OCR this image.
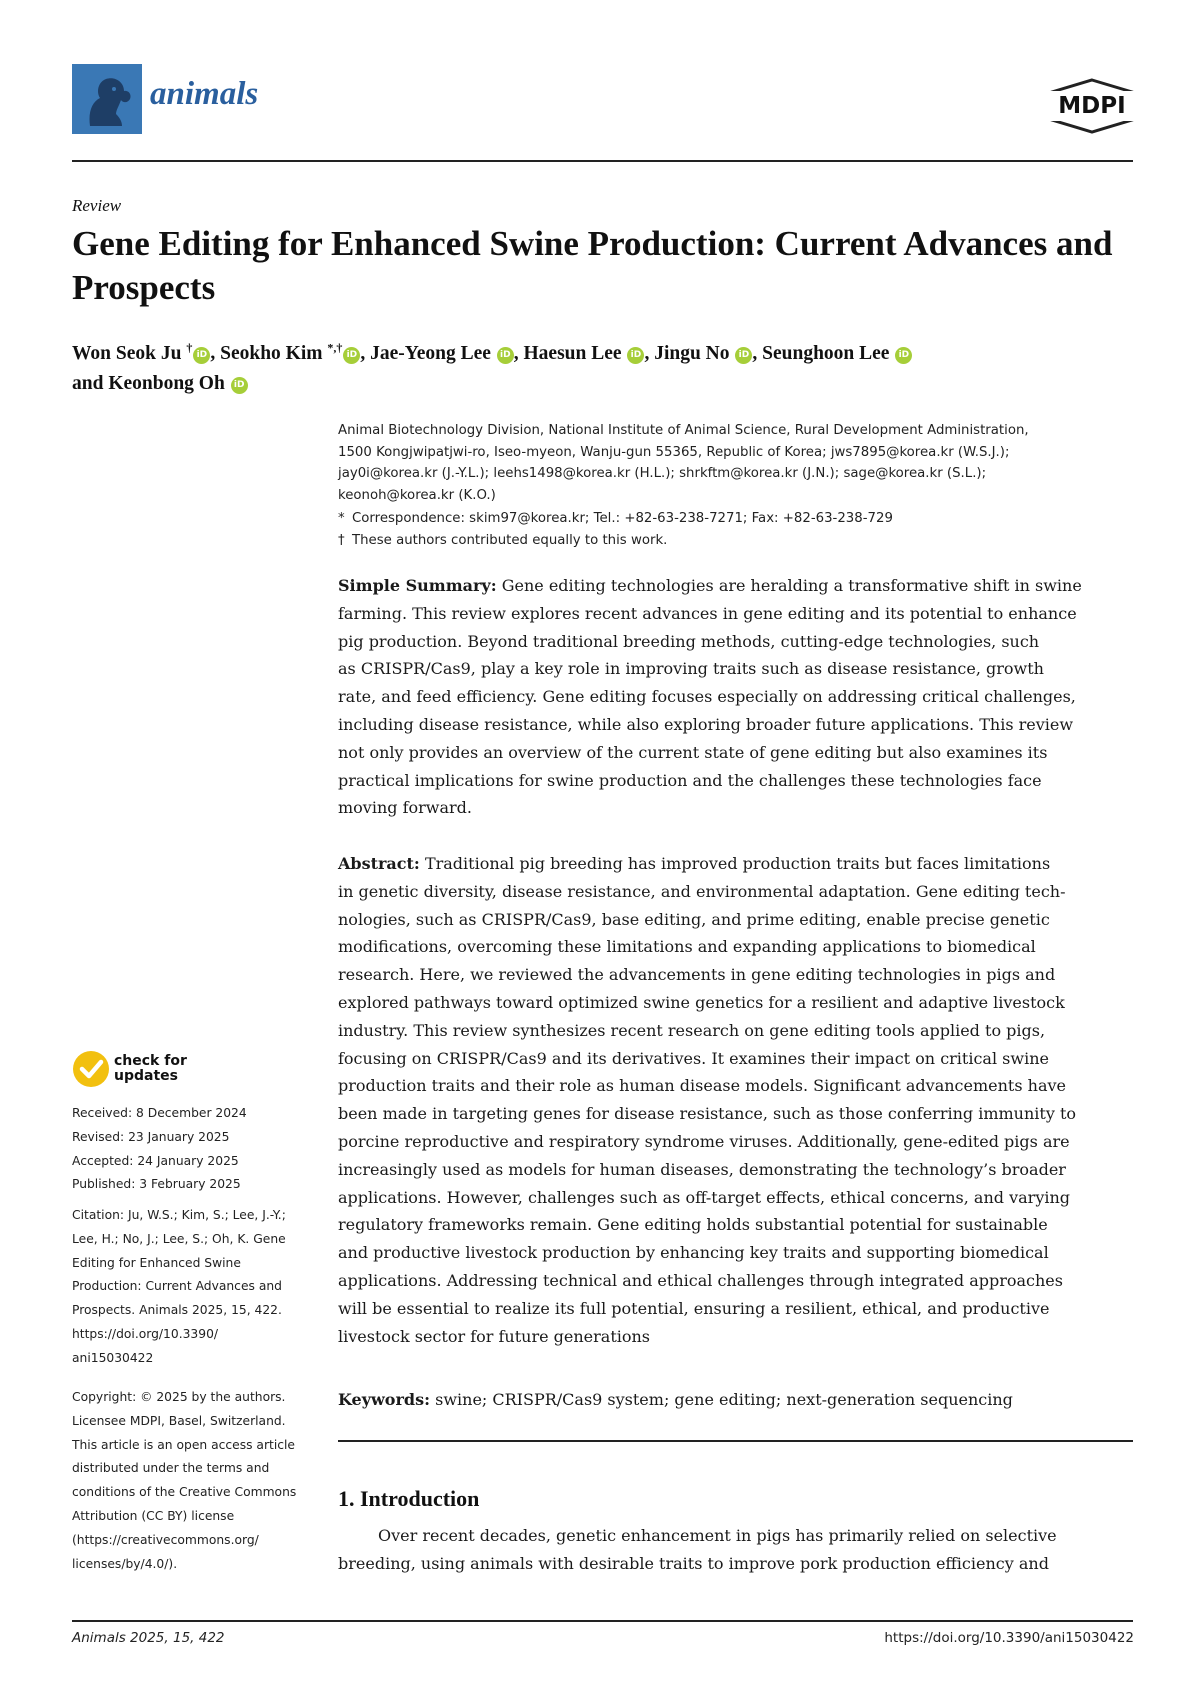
animals	MDPI
Review
Gene Editing for Enhanced Swine Production: Current Advances and Prospects
Won Seok Ju †iD , Seokho Kim *,†iD , Jae-Yeong Lee iD , Haesun Lee iD , Jingu No iD , Seunghoon Lee iD
and Keonbong Oh iD
Animal Biotechnology Division, National Institute of Animal Science, Rural Development Administration,
1500 Kongjwipatjwi-ro, Iseo-myeon, Wanju-gun 55365, Republic of Korea; jws7895@korea.kr (W.S.J.);
jay0i@korea.kr (J.-Y.L.); leehs1498@korea.kr (H.L.); shrkftm@korea.kr (J.N.); sage@korea.kr (S.L.);
keonoh@korea.kr (K.O.)
* Correspondence: skim97@korea.kr; Tel.: +82-63-238-7271; Fax: +82-63-238-729
† These authors contributed equally to this work.
Simple Summary: Gene editing technologies are heralding a transformative shift in swine
farming. This review explores recent advances in gene editing and its potential to enhance
pig production. Beyond traditional breeding methods, cutting-edge technologies, such
as CRISPR/Cas9, play a key role in improving traits such as disease resistance, growth
rate, and feed efficiency. Gene editing focuses especially on addressing critical challenges,
including disease resistance, while also exploring broader future applications. This review
not only provides an overview of the current state of gene editing but also examines its
practical implications for swine production and the challenges these technologies face
moving forward.
Abstract: Traditional pig breeding has improved production traits but faces limitations
in genetic diversity, disease resistance, and environmental adaptation. Gene editing tech-
nologies, such as CRISPR/Cas9, base editing, and prime editing, enable precise genetic
modifications, overcoming these limitations and expanding applications to biomedical
research. Here, we reviewed the advancements in gene editing technologies in pigs and
explored pathways toward optimized swine genetics for a resilient and adaptive livestock
industry. This review synthesizes recent research on gene editing tools applied to pigs,
focusing on CRISPR/Cas9 and its derivatives. It examines their impact on critical swine
production traits and their role as human disease models. Significant advancements have
been made in targeting genes for disease resistance, such as those conferring immunity to
porcine reproductive and respiratory syndrome viruses. Additionally, gene-edited pigs are
increasingly used as models for human diseases, demonstrating the technology’s broader
applications. However, challenges such as off-target effects, ethical concerns, and varying
regulatory frameworks remain. Gene editing holds substantial potential for sustainable
and productive livestock production by enhancing key traits and supporting biomedical
applications. Addressing technical and ethical challenges through integrated approaches
will be essential to realize its full potential, ensuring a resilient, ethical, and productive
livestock sector for future generations
Keywords: swine; CRISPR/Cas9 system; gene editing; next-generation sequencing
1. Introduction
Over recent decades, genetic enhancement in pigs has primarily relied on selective
breeding, using animals with desirable traits to improve pork production efficiency and
check for
updates
Received: 8 December 2024
Revised: 23 January 2025
Accepted: 24 January 2025
Published: 3 February 2025
Citation: Ju, W.S.; Kim, S.; Lee, J.-Y.;
Lee, H.; No, J.; Lee, S.; Oh, K. Gene
Editing for Enhanced Swine
Production: Current Advances and
Prospects. Animals 2025, 15, 422.
https://doi.org/10.3390/
ani15030422
Copyright: © 2025 by the authors.
Licensee MDPI, Basel, Switzerland.
This article is an open access article
distributed under the terms and
conditions of the Creative Commons
Attribution (CC BY) license
(https://creativecommons.org/
licenses/by/4.0/).
Animals 2025, 15, 422	https://doi.org/10.3390/ani15030422
